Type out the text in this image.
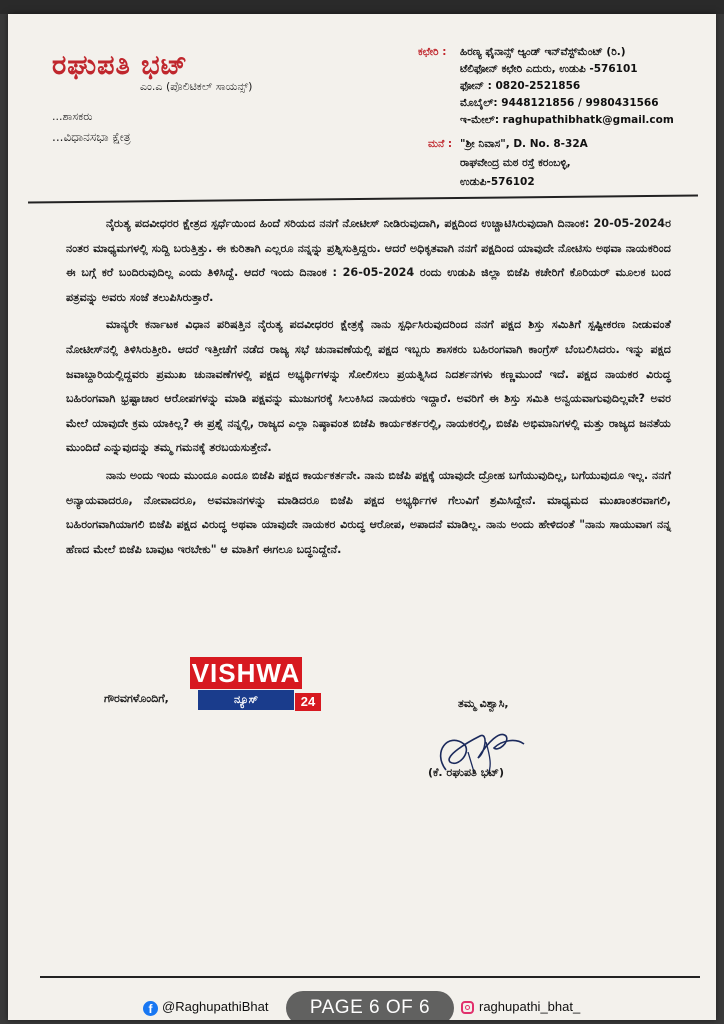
ರಘುಪತಿ ಭಟ್
ಎಂ.ಎ (ಪೊಲಿಟಿಕಲ್ ಸಾಯನ್ಸ್)
...ಶಾಸಕರು
...ವಿಧಾನಸಭಾ ಕ್ಷೇತ್ರ
ಕಛೇರಿ : ಹಿರಣ್ಯ ಫೈನಾನ್ಸ್ ಆ್ಯಂಡ್ ಇನ್‌ವೆಸ್ಟ್‌ಮೆಂಟ್ (ರಿ.)
ಟೆಲಿಫೋನ್ ಕಛೇರಿ ಎದುರು, ಉಡುಪಿ -576101
ಫೋನ್ : 0820-2521856
ಮೊಬೈಲ್: 9448121856 / 9980431566
ಇ-ಮೇಲ್: raghupathibhatk@gmail.com
ಮನೆ : "ಶ್ರೀ ನಿವಾಸ", D. No. 8-32A
ರಾಘವೇಂದ್ರ ಮಠ ರಸ್ತೆ ಕರಂಬಳ್ಳಿ,
ಉಡುಪಿ-576102

ನೈರುತ್ಯ ಪದವೀಧರರ ಕ್ಷೇತ್ರದ ಸ್ಪರ್ಧೆಯಿಂದ ಹಿಂದೆ ಸರಿಯದ ನನಗೆ ನೋಟೀಸ್ ನೀಡಿರುವುದಾಗಿ, ಪಕ್ಷದಿಂದ ಉಚ್ಚಾಟಿಸಿರುವುದಾಗಿ ದಿನಾಂಕ: 20-05-2024ರ ನಂತರ ಮಾಧ್ಯಮಗಳಲ್ಲಿ ಸುದ್ದಿ ಬರುತ್ತಿತ್ತು. ಈ ಕುರಿತಾಗಿ ಎಲ್ಲರೂ ನನ್ನನ್ನು ಪ್ರಶ್ನಿಸುತ್ತಿದ್ದರು. ಆದರೆ ಅಧಿಕೃತವಾಗಿ ನನಗೆ ಪಕ್ಷದಿಂದ ಯಾವುದೇ ನೋಟಿಸು ಅಥವಾ ನಾಯಕರಿಂದ ಈ ಬಗ್ಗೆ ಕರೆ ಬಂದಿರುವುದಿಲ್ಲ ಎಂದು ತಿಳಿಸಿದ್ದೆ. ಆದರೆ ಇಂದು ದಿನಾಂಕ : 26-05-2024 ರಂದು ಉಡುಪಿ ಜಿಲ್ಲಾ ಬಿಜೆಪಿ ಕಚೇರಿಗೆ ಕೊರಿಯರ್ ಮೂಲಕ ಬಂದ ಪತ್ರವನ್ನು ಅವರು ಸಂಜೆ ತಲುಪಿಸಿರುತ್ತಾರೆ.

ಮಾನ್ಯರೇ ಕರ್ನಾಟಕ ವಿಧಾನ ಪರಿಷತ್ತಿನ ನೈರುತ್ಯ ಪದವೀಧರರ ಕ್ಷೇತ್ರಕ್ಕೆ ನಾನು ಸ್ಪರ್ಧಿಸಿರುವುದರಿಂದ ನನಗೆ ಪಕ್ಷದ ಶಿಸ್ತು ಸಮಿತಿಗೆ ಸ್ಪಷ್ಟೀಕರಣ ನೀಡುವಂತೆ ನೋಟೀಸ್‌ನಲ್ಲಿ ತಿಳಿಸಿರುತ್ತೀರಿ. ಆದರೆ ಇತ್ತೀಚೆಗೆ ನಡೆದ ರಾಜ್ಯ ಸಭೆ ಚುನಾವಣೆಯಲ್ಲಿ ಪಕ್ಷದ ಇಬ್ಬರು ಶಾಸಕರು ಬಹಿರಂಗವಾಗಿ ಕಾಂಗ್ರೆಸ್ ಬೆಂಬಲಿಸಿದರು. ಇನ್ನು ಪಕ್ಷದ ಜವಾಬ್ದಾರಿಯಲ್ಲಿದ್ದವರು ಪ್ರಮುಖ ಚುನಾವಣೆಗಳಲ್ಲಿ ಪಕ್ಷದ ಅಭ್ಯರ್ಥಿಗಳನ್ನು ಸೋಲಿಸಲು ಪ್ರಯತ್ನಿಸಿದ ನಿದರ್ಶನಗಳು ಕಣ್ಣಮುಂದೆ ಇದೆ. ಪಕ್ಷದ ನಾಯಕರ ವಿರುದ್ಧ ಬಹಿರಂಗವಾಗಿ ಭ್ರಷ್ಟಾಚಾರ ಆರೋಪಗಳನ್ನು ಮಾಡಿ ಪಕ್ಷವನ್ನು ಮುಜುಗರಕ್ಕೆ ಸಿಲುಕಿಸಿದ ನಾಯಕರು ಇದ್ದಾರೆ. ಅವರಿಗೆ ಈ ಶಿಸ್ತು ಸಮಿತಿ ಅನ್ವಯವಾಗುವುದಿಲ್ಲವೇ? ಅವರ ಮೇಲೆ ಯಾವುದೇ ಕ್ರಮ ಯಾಕಿಲ್ಲ? ಈ ಪ್ರಶ್ನೆ ನನ್ನಲ್ಲಿ, ರಾಜ್ಯದ ಎಲ್ಲಾ ನಿಷ್ಠಾವಂತ ಬಿಜೆಪಿ ಕಾರ್ಯಕರ್ತರಲ್ಲಿ, ನಾಯಕರಲ್ಲಿ, ಬಿಜೆಪಿ ಅಭಿಮಾನಿಗಳಲ್ಲಿ ಮತ್ತು ರಾಜ್ಯದ ಜನತೆಯ ಮುಂದಿದೆ ಎನ್ನುವುದನ್ನು ತಮ್ಮ ಗಮನಕ್ಕೆ ತರಬಯಸುತ್ತೇನೆ.

ನಾನು ಅಂದು ಇಂದು ಮುಂದೂ ಎಂದೂ ಬಿಜೆಪಿ ಪಕ್ಷದ ಕಾರ್ಯಕರ್ತನೇ. ನಾನು ಬಿಜೆಪಿ ಪಕ್ಷಕ್ಕೆ ಯಾವುದೇ ದ್ರೋಹ ಬಗೆಯುವುದಿಲ್ಲ, ಬಗೆಯುವುದೂ ಇಲ್ಲ. ನನಗೆ ಅನ್ಯಾಯವಾದರೂ, ನೋವಾದರೂ, ಅವಮಾನಗಳನ್ನು ಮಾಡಿದರೂ ಬಿಜೆಪಿ ಪಕ್ಷದ ಅಭ್ಯರ್ಥಿಗಳ ಗೆಲುವಿಗೆ ಶ್ರಮಿಸಿದ್ದೇನೆ. ಮಾಧ್ಯಮದ ಮುಖಾಂತರವಾಗಲಿ, ಬಹಿರಂಗವಾಗಿಯಾಗಲಿ ಬಿಜೆಪಿ ಪಕ್ಷದ ವಿರುದ್ಧ ಅಥವಾ ಯಾವುದೇ ನಾಯಕರ ವಿರುದ್ಧ ಆರೋಪ, ಅಪಾದನೆ ಮಾಡಿಲ್ಲ. ನಾನು ಅಂದು ಹೇಳಿದಂತೆ "ನಾನು ಸಾಯುವಾಗ ನನ್ನ ಹೆಣದ ಮೇಲೆ ಬಿಜೆಪಿ ಬಾವುಟ ಇರಬೇಕು" ಆ ಮಾತಿಗೆ ಈಗಲೂ ಬದ್ಧನಿದ್ದೇನೆ.

ಗೌರವಗಳೊಂದಿಗೆ,
VISHWA
ನ್ಯೂಸ್	24	ತಮ್ಮ ವಿಶ್ವಾಸಿ,
(ಕೆ. ರಘುಪತಿ ಭಟ್)
f @RaghupathiBhat	PAGE 6 OF 6	raghupathi_bhat_
